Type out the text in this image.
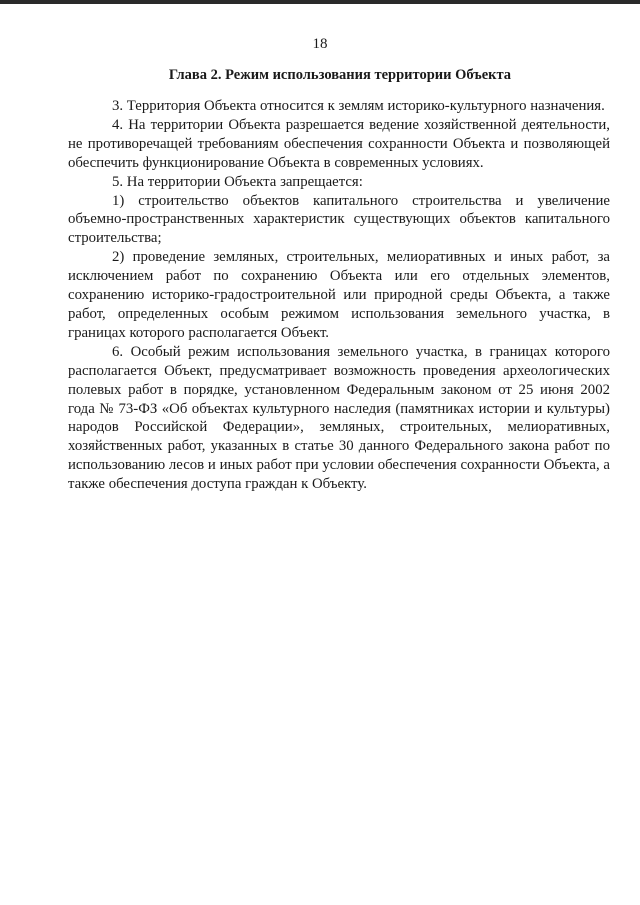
18
Глава 2. Режим использования территории Объекта

3. Территория Объекта относится к землям историко-культурного назначения.

4. На территории Объекта разрешается ведение хозяйственной деятельности, не противоречащей требованиям обеспечения сохранности Объекта и позволяющей обеспечить функционирование Объекта в современных условиях.

5. На территории Объекта запрещается:

1) строительство объектов капитального строительства и увеличение объемно-пространственных характеристик существующих объектов капитального строительства;

2) проведение земляных, строительных, мелиоративных и иных работ, за исключением работ по сохранению Объекта или его отдельных элементов, сохранению историко-градостроительной или природной среды Объекта, а также работ, определенных особым режимом использования земельного участка, в границах которого располагается Объект.

6. Особый режим использования земельного участка, в границах которого располагается Объект, предусматривает возможность проведения археологических полевых работ в порядке, установленном Федеральным законом от 25 июня 2002 года № 73-ФЗ «Об объектах культурного наследия (памятниках истории и культуры) народов Российской Федерации», земляных, строительных, мелиоративных, хозяйственных работ, указанных в статье 30 данного Федерального закона работ по использованию лесов и иных работ при условии обеспечения сохранности Объекта, а также обеспечения доступа граждан к Объекту.
